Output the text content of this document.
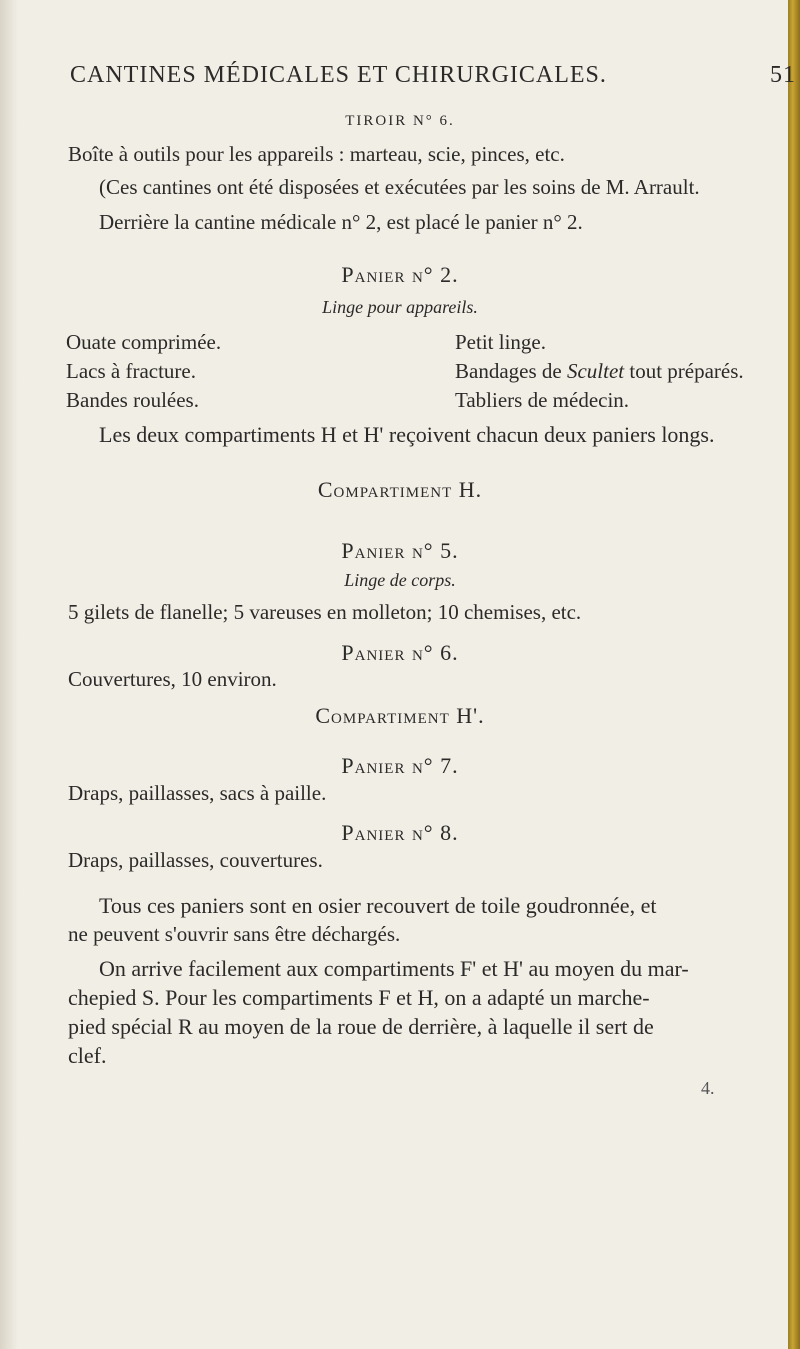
CANTINES MÉDICALES ET CHIRURGICALES.	51
TIROIR N° 6.
Boîte à outils pour les appareils : marteau, scie, pinces, etc.
(Ces cantines ont été disposées et exécutées par les soins de M. Arrault.
Derrière la cantine médicale n° 2, est placé le panier n° 2.
Panier n° 2.
Linge pour appareils.
Ouate comprimée.
Lacs à fracture.
Bandes roulées.
Petit linge.
Bandages de Scultet tout préparés.
Tabliers de médecin.
Les deux compartiments H et H' reçoivent chacun deux paniers longs.
Compartiment H.
Panier n° 5.
Linge de corps.
5 gilets de flanelle; 5 vareuses en molleton; 10 chemises, etc.
Panier n° 6.
Couvertures, 10 environ.
Compartiment H'.
Panier n° 7.
Draps, paillasses, sacs à paille.
Panier n° 8.
Draps, paillasses, couvertures.
Tous ces paniers sont en osier recouvert de toile goudronnée, et
ne peuvent s'ouvrir sans être déchargés.
On arrive facilement aux compartiments F' et H' au moyen du mar-
chepied S. Pour les compartiments F et H, on a adapté un marche-
pied spécial R au moyen de la roue de derrière, à laquelle il sert de
clef.
4.
